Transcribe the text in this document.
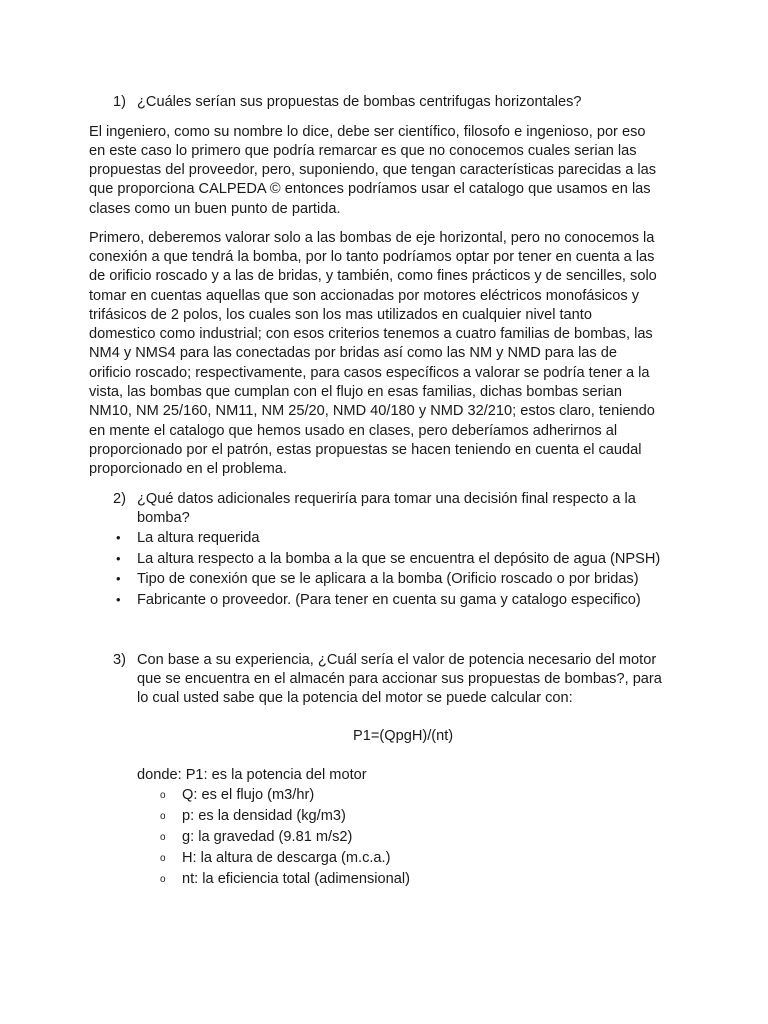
1) ¿Cuáles serían sus propuestas de bombas centrifugas horizontales?
El ingeniero, como su nombre lo dice, debe ser científico, filosofo e ingenioso, por eso
en este caso lo primero que podría remarcar es que no conocemos cuales serian las
propuestas del proveedor, pero, suponiendo, que tengan características parecidas a las
que proporciona CALPEDA © entonces podríamos usar el catalogo que usamos en las
clases como un buen punto de partida.
Primero, deberemos valorar solo a las bombas de eje horizontal, pero no conocemos la
conexión a que tendrá la bomba, por lo tanto podríamos optar por tener en cuenta a las
de orificio roscado y a las de bridas, y también, como fines prácticos y de sencilles, solo
tomar en cuentas aquellas que son accionadas por motores eléctricos monofásicos y
trifásicos de 2 polos, los cuales son los mas utilizados en cualquier nivel tanto
domestico como industrial; con esos criterios tenemos a cuatro familias de bombas, las
NM4 y NMS4 para las conectadas por bridas así como las NM y NMD para las de
orificio roscado; respectivamente, para casos específicos a valorar se podría tener a la
vista, las bombas que cumplan con el flujo en esas familias, dichas bombas serian
NM10, NM 25/160, NM11, NM 25/20, NMD 40/180 y NMD 32/210; estos claro, teniendo
en mente el catalogo que hemos usado en clases, pero deberíamos adherirnos al
proporcionado por el patrón, estas propuestas se hacen teniendo en cuenta el caudal
proporcionado en el problema.
2) ¿Qué datos adicionales requeriría para tomar una decisión final respecto a la
bomba?
• La altura requerida
• La altura respecto a la bomba a la que se encuentra el depósito de agua (NPSH)
• Tipo de conexión que se le aplicara a la bomba (Orificio roscado o por bridas)
• Fabricante o proveedor. (Para tener en cuenta su gama y catalogo especifico)
3) Con base a su experiencia, ¿Cuál sería el valor de potencia necesario del motor
que se encuentra en el almacén para accionar sus propuestas de bombas?, para
lo cual usted sabe que la potencia del motor se puede calcular con:
P1=(QpgH)/(nt)
donde: P1: es la potencia del motor
o Q: es el flujo (m3/hr)
o p: es la densidad (kg/m3)
o g: la gravedad (9.81 m/s2)
o H: la altura de descarga (m.c.a.)
o nt: la eficiencia total (adimensional)
